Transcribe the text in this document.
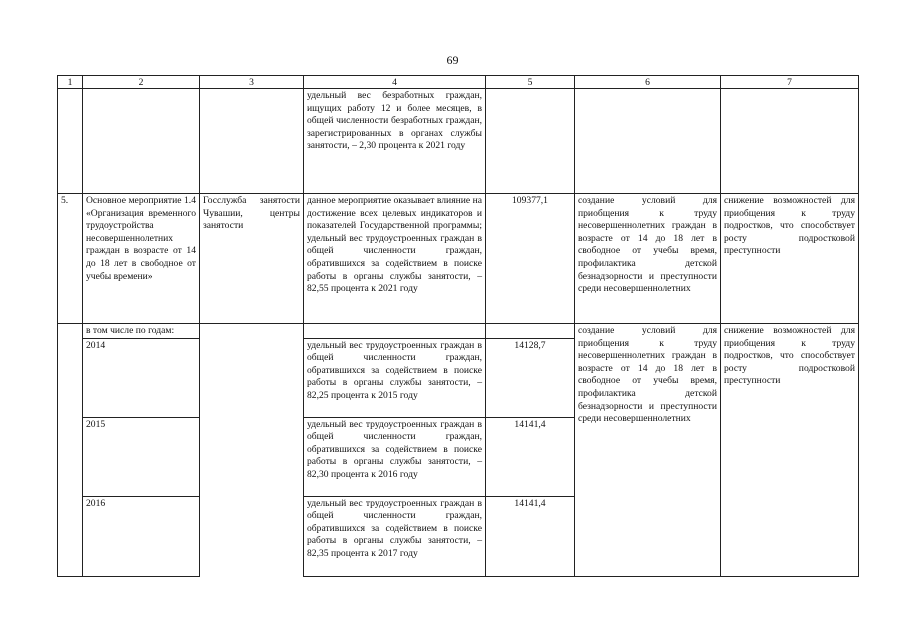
69
1	2	3	4	5	6	7
			удельный вес безработных граждан, ищущих работу 12 и более месяцев, в общей численности безработных граждан, зарегистрированных в органах службы занятости, – 2,30 процента к 2021 году			
5.	Основное мероприятие 1.4 «Организация временного трудоустройства несовершеннолетних граждан в возрасте от 14 до 18 лет в свободное от учебы времени»	Госслужба занятости Чувашии, центры занятости	данное мероприятие оказывает влияние на достижение всех целевых индикаторов и показателей Государственной программы; удельный вес трудоустроенных граждан в общей численности граждан, обратившихся за содействием в поиске работы в органы службы занятости, – 82,55 процента к 2021 году	109377,1	создание условий для приобщения к труду несовершеннолетних граждан в возрасте от 14 до 18 лет в свободное от учебы время, профилактика детской безнадзорности и преступности среди несовершеннолетних	снижение возможностей для приобщения к труду подростков, что способствует росту подростковой преступности
	в том числе по годам:				создание условий для приобщения к труду несовершеннолетних граждан в возрасте от 14 до 18 лет в свободное от учебы время, профилактика детской безнадзорности и преступности среди несовершеннолетних	снижение возможностей для приобщения к труду подростков, что способствует росту подростковой преступности

	2014		удельный вес трудоустроенных граждан в общей численности граждан, обратившихся за содействием в поиске работы в органы службы занятости, – 82,25 процента к 2015 году	14128,7		
	2015		удельный вес трудоустроенных граждан в общей численности граждан, обратившихся за содействием в поиске работы в органы службы занятости, – 82,30 процента к 2016 году	14141,4		
	2016		удельный вес трудоустроенных граждан в общей численности граждан, обратившихся за содействием в поиске работы в органы службы занятости, – 82,35 процента к 2017 году	14141,4		
